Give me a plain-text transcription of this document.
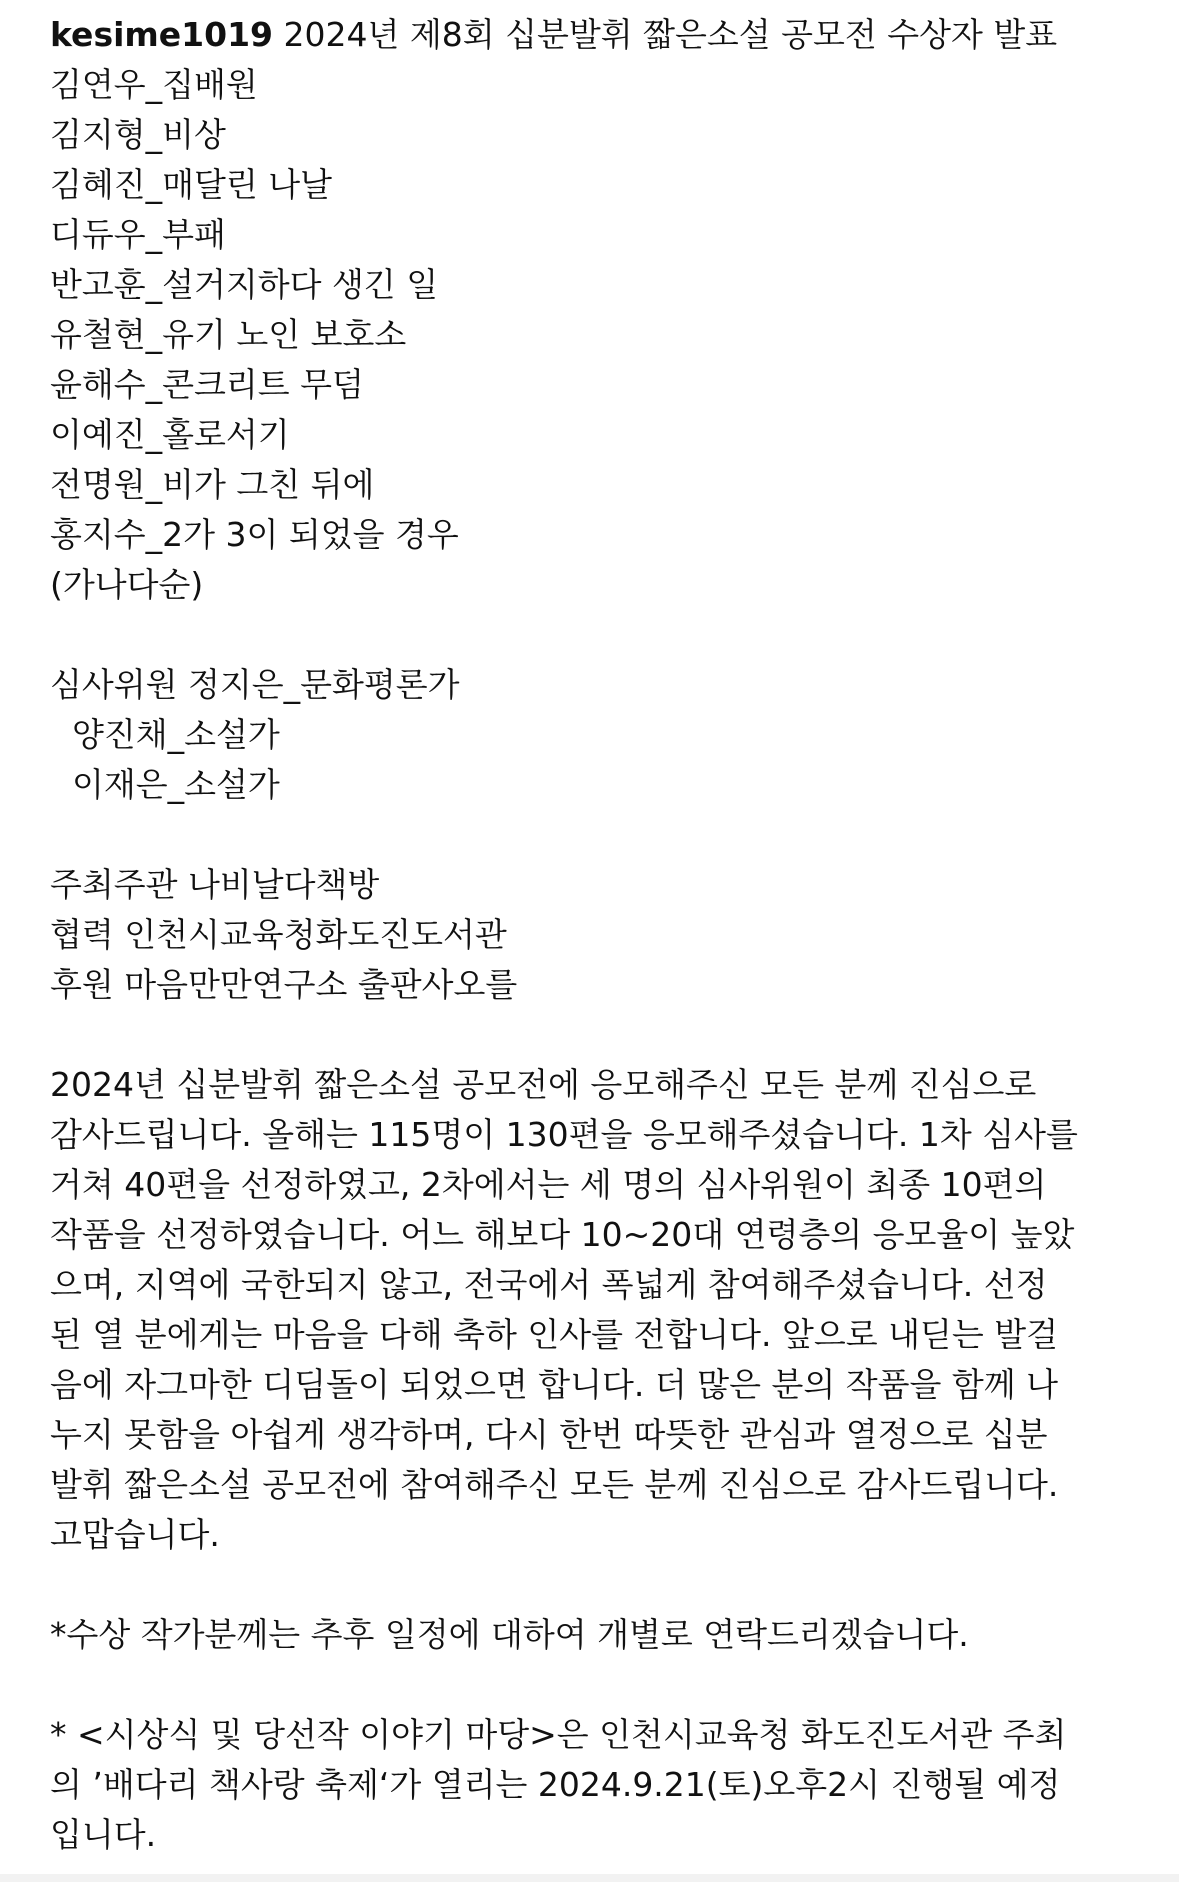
kesime1019 2024년 제8회 십분발휘 짧은소설 공모전 수상자 발표
김연우_집배원
김지형_비상
김혜진_매달린 나날
디듀우_부패
반고훈_설거지하다 생긴 일
유철현_유기 노인 보호소
윤해수_콘크리트 무덤
이예진_홀로서기
전명원_비가 그친 뒤에
홍지수_2가 3이 되었을 경우
(가나다순)
심사위원 정지은_문화평론가
양진채_소설가
이재은_소설가
주최주관 나비날다책방
협력 인천시교육청화도진도서관
후원 마음만만연구소 출판사오를
2024년 십분발휘 짧은소설 공모전에 응모해주신 모든 분께 진심으로
감사드립니다. 올해는 115명이 130편을 응모해주셨습니다. 1차 심사를
거쳐 40편을 선정하였고, 2차에서는 세 명의 심사위원이 최종 10편의
작품을 선정하였습니다. 어느 해보다 10~20대 연령층의 응모율이 높았
으며, 지역에 국한되지 않고, 전국에서 폭넓게 참여해주셨습니다. 선정
된 열 분에게는 마음을 다해 축하 인사를 전합니다. 앞으로 내딛는 발걸
음에 자그마한 디딤돌이 되었으면 합니다. 더 많은 분의 작품을 함께 나
누지 못함을 아쉽게 생각하며, 다시 한번 따뜻한 관심과 열정으로 십분
발휘 짧은소설 공모전에 참여해주신 모든 분께 진심으로 감사드립니다.
고맙습니다.
*수상 작가분께는 추후 일정에 대하여 개별로 연락드리겠습니다.
* <시상식 및 당선작 이야기 마당>은 인천시교육청 화도진도서관 주최
의 ’배다리 책사랑 축제‘가 열리는 2024.9.21(토)오후2시 진행될 예정
입니다.
